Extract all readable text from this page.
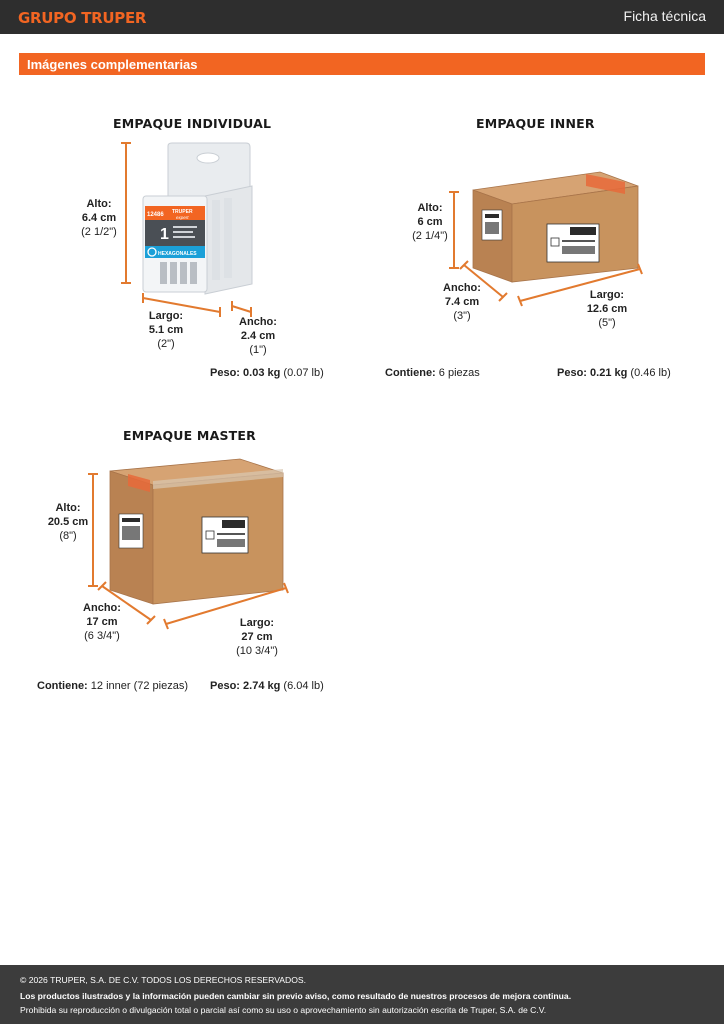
GRUPO TRUPER	Ficha técnica
Imágenes complementarias
12486 TRUPER
expert
1
HEXAGONALES
EMPAQUE INDIVIDUAL
Alto:
6.4 cm
(2 1/2")
Largo:
5.1 cm
(2")
Ancho:
2.4 cm
(1")
Peso: 0.03 kg (0.07 lb)
EMPAQUE INNER
Alto:
6 cm
(2 1/4")
Ancho:
7.4 cm
(3")
Largo:
12.6 cm
(5")
Contiene: 6 piezas	Peso: 0.21 kg (0.46 lb)
EMPAQUE MASTER
Alto:
20.5 cm
(8")
Ancho:
17 cm
(6 3/4")
Largo:
27 cm
(10 3/4")
Contiene: 12 inner (72 piezas) Peso: 2.74 kg (6.04 lb)

© 2026 TRUPER, S.A. DE C.V. TODOS LOS DERECHOS RESERVADOS.

Los productos ilustrados y la información pueden cambiar sin previo aviso, como resultado de nuestros procesos de mejora continua.

Prohibida su reproducción o divulgación total o parcial así como su uso o aprovechamiento sin autorización escrita de Truper, S.A. de C.V.
